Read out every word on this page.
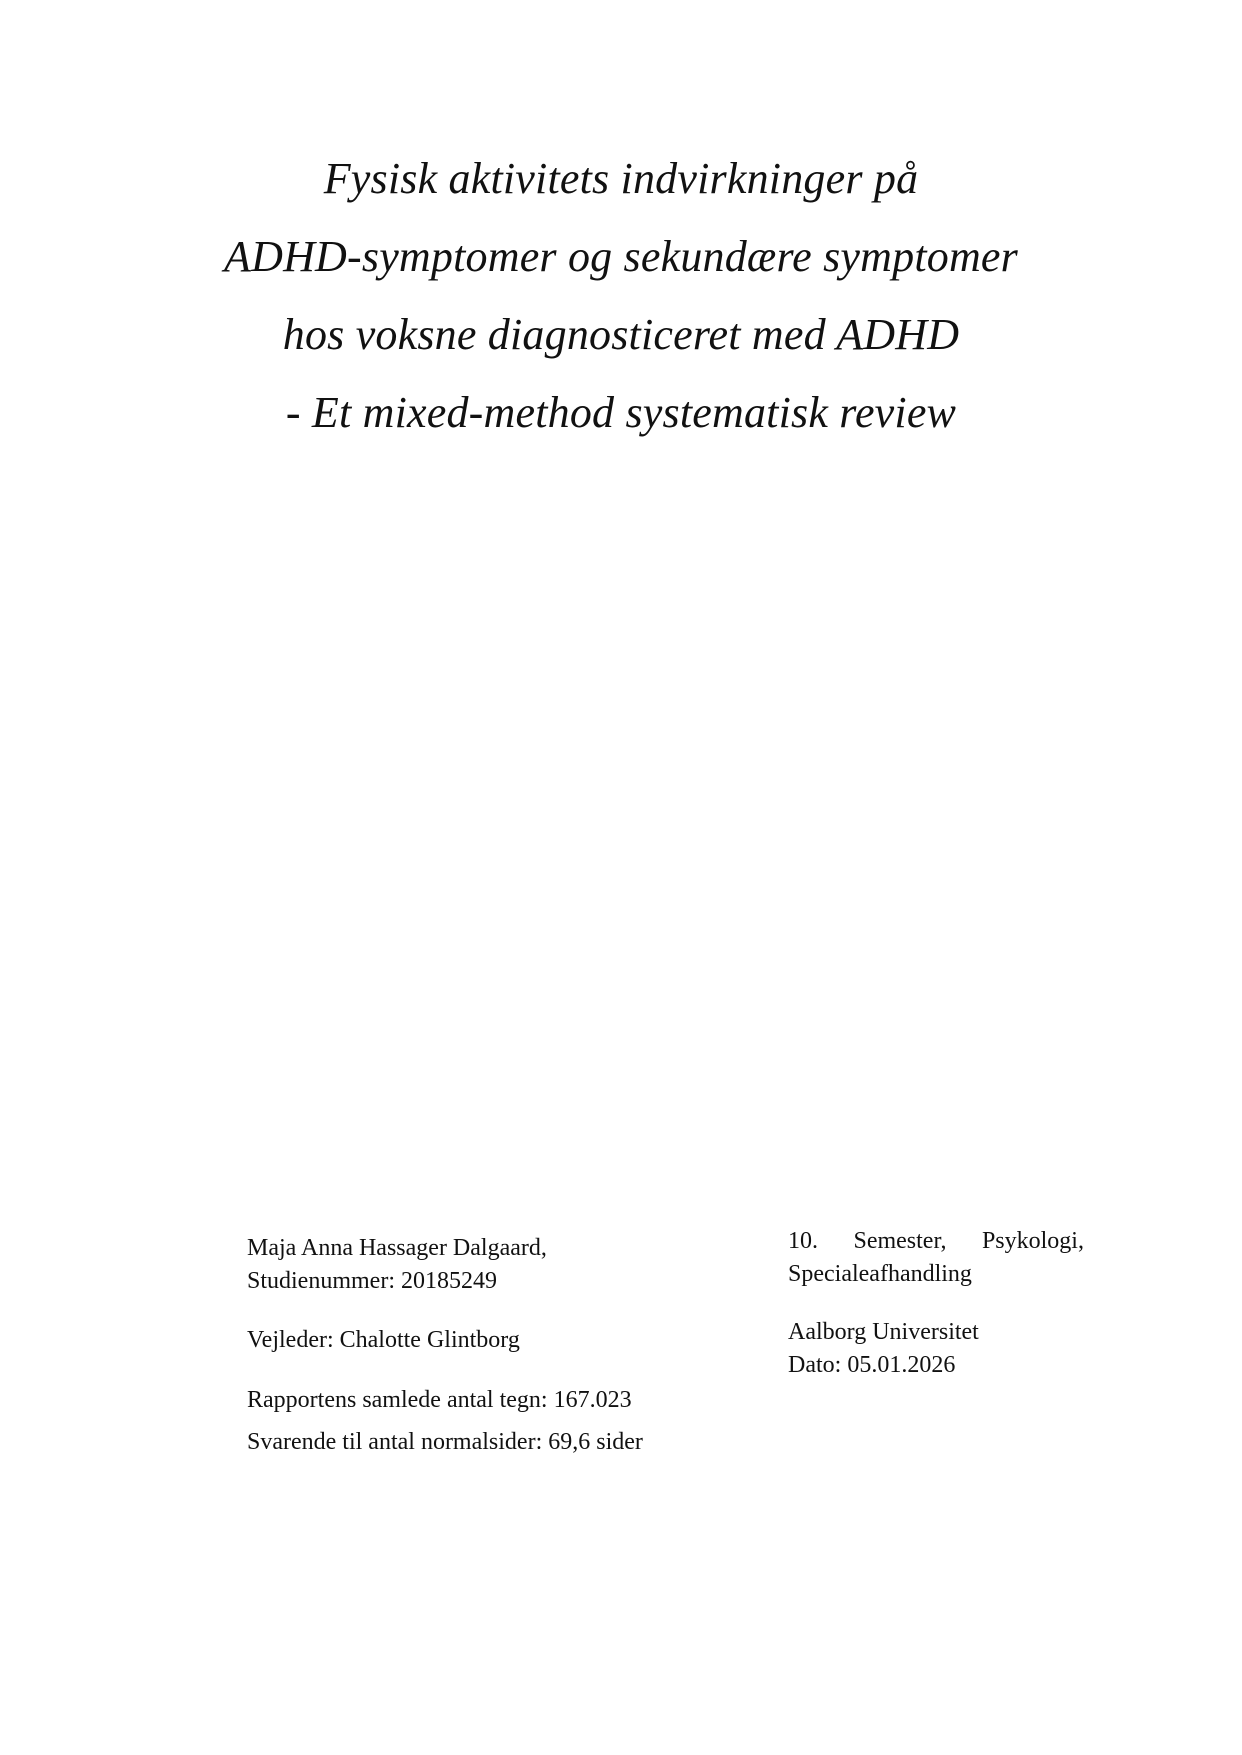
Fysisk aktivitets indvirkninger på
ADHD-symptomer og sekundære symptomer
hos voksne diagnosticeret med ADHD
- Et mixed-method systematisk review
Maja Anna Hassager Dalgaard,
Studienummer: 20185249
Vejleder: Chalotte Glintborg
Rapportens samlede antal tegn: 167.023
Svarende til antal normalsider: 69,6 sider
10. Semester, Psykologi,
Specialeafhandling
Aalborg Universitet
Dato: 05.01.2026
